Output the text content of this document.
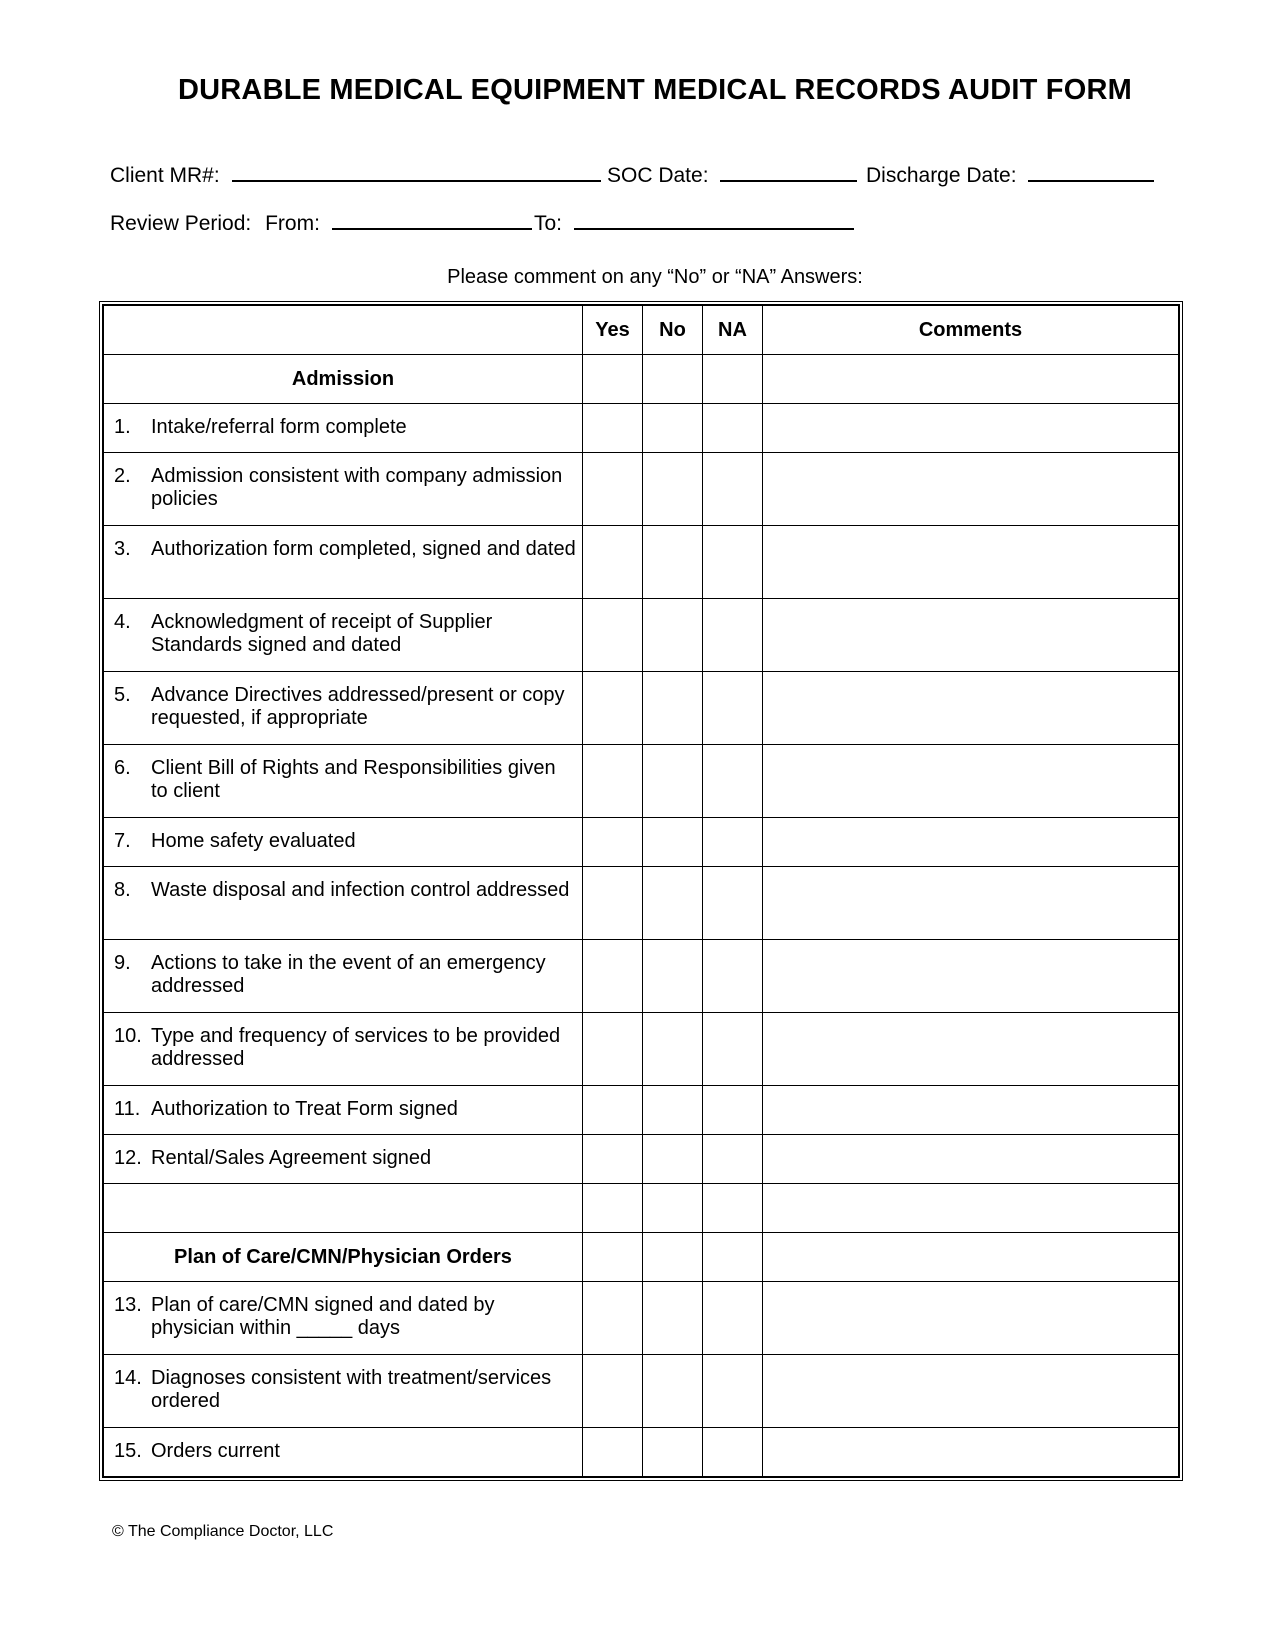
DURABLE MEDICAL EQUIPMENT MEDICAL RECORDS AUDIT FORM
Client MR#:	SOC Date:	Discharge Date:
Review Period: From:	To:
Please comment on any “No” or “NA” Answers:
	Yes	No	NA	Comments
Admission				

1. Intake/referral form complete				

2. Admission consistent with company admission policies				

3. Authorization form completed, signed and dated				

4. Acknowledgment of receipt of Supplier Standards signed and dated				

5. Advance Directives addressed/present or copy requested, if appropriate				

6. Client Bill of Rights and Responsibilities given to client				

7. Home safety evaluated				

8. Waste disposal and infection control addressed				

9. Actions to take in the event of an emergency addressed				

10. Type and frequency of services to be provided addressed				

11. Authorization to Treat Form signed				

12. Rental/Sales Agreement signed				

Plan of Care/CMN/Physician Orders				

13. Plan of care/CMN signed and dated by physician within _____ days				

14. Diagnoses consistent with treatment/services ordered				

15. Orders current				

© The Compliance Doctor, LLC
